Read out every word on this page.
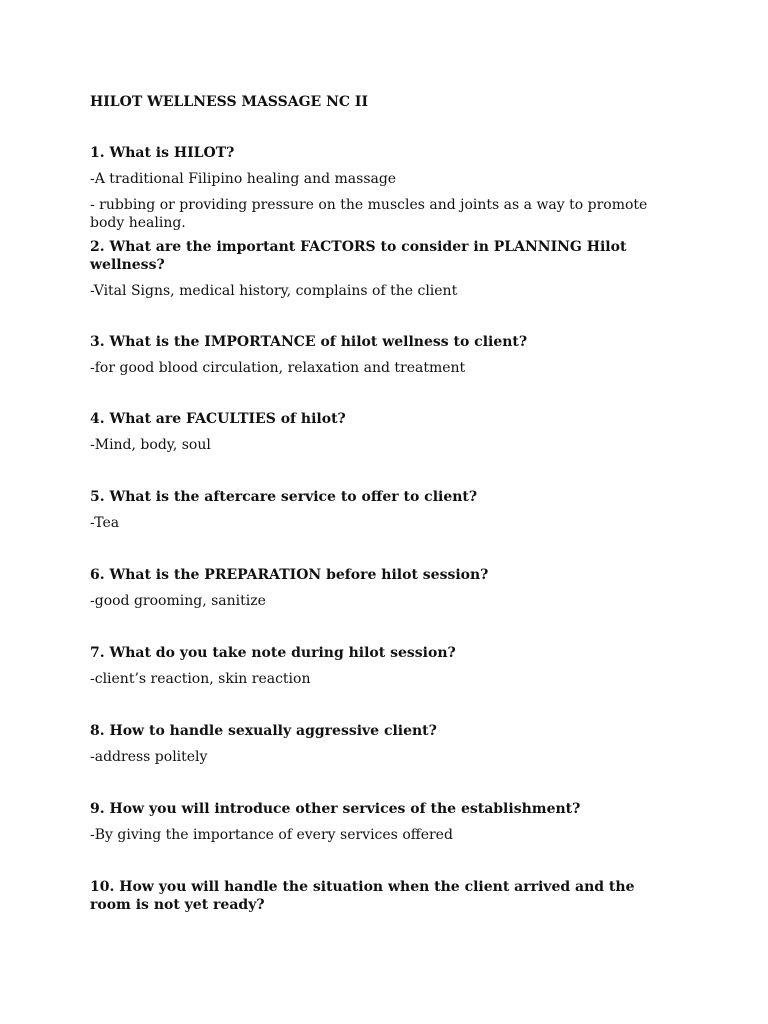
HILOT WELLNESS MASSAGE NC II
1. What is HILOT?
-A traditional Filipino healing and massage
- rubbing or providing pressure on the muscles and joints as a way to promote body healing.
2. What are the important FACTORS to consider in PLANNING Hilot wellness?
-Vital Signs, medical history, complains of the client
3. What is the IMPORTANCE of hilot wellness to client?
-for good blood circulation, relaxation and treatment
4. What are FACULTIES of hilot?
-Mind, body, soul
5. What is the aftercare service to offer to client?
-Tea
6. What is the PREPARATION before hilot session?
-good grooming, sanitize
7. What do you take note during hilot session?
-client’s reaction, skin reaction
8. How to handle sexually aggressive client?
-address politely
9. How you will introduce other services of the establishment?
-By giving the importance of every services offered
10. How you will handle the situation when the client arrived and the room is not yet ready?
